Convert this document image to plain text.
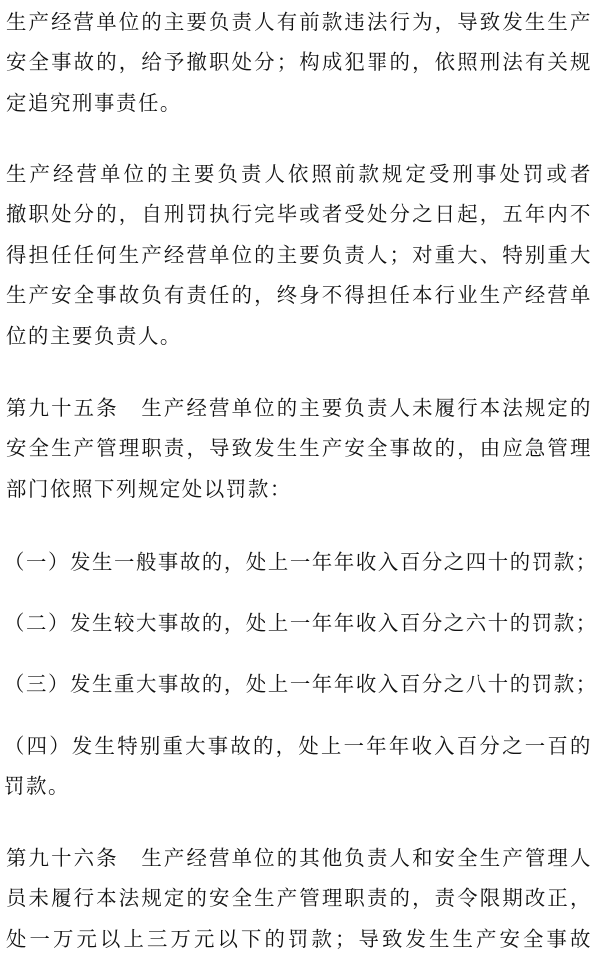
生产经营单位的主要负责人有前款违法行为，导致发生生产
安全事故的，给予撤职处分；构成犯罪的，依照刑法有关规
定追究刑事责任。

生产经营单位的主要负责人依照前款规定受刑事处罚或者
撤职处分的，自刑罚执行完毕或者受处分之日起，五年内不
得担任任何生产经营单位的主要负责人；对重大、特别重大
生产安全事故负有责任的，终身不得担任本行业生产经营单
位的主要负责人。

第九十五条　生产经营单位的主要负责人未履行本法规定的
安全生产管理职责，导致发生生产安全事故的，由应急管理
部门依照下列规定处以罚款：

（一）发生一般事故的，处上一年年收入百分之四十的罚款；

（二）发生较大事故的，处上一年年收入百分之六十的罚款；

（三）发生重大事故的，处上一年年收入百分之八十的罚款；

（四）发生特别重大事故的，处上一年年收入百分之一百的
罚款。

第九十六条　生产经营单位的其他负责人和安全生产管理人
员未履行本法规定的安全生产管理职责的，责令限期改正，
处一万元以上三万元以下的罚款；导致发生生产安全事故
